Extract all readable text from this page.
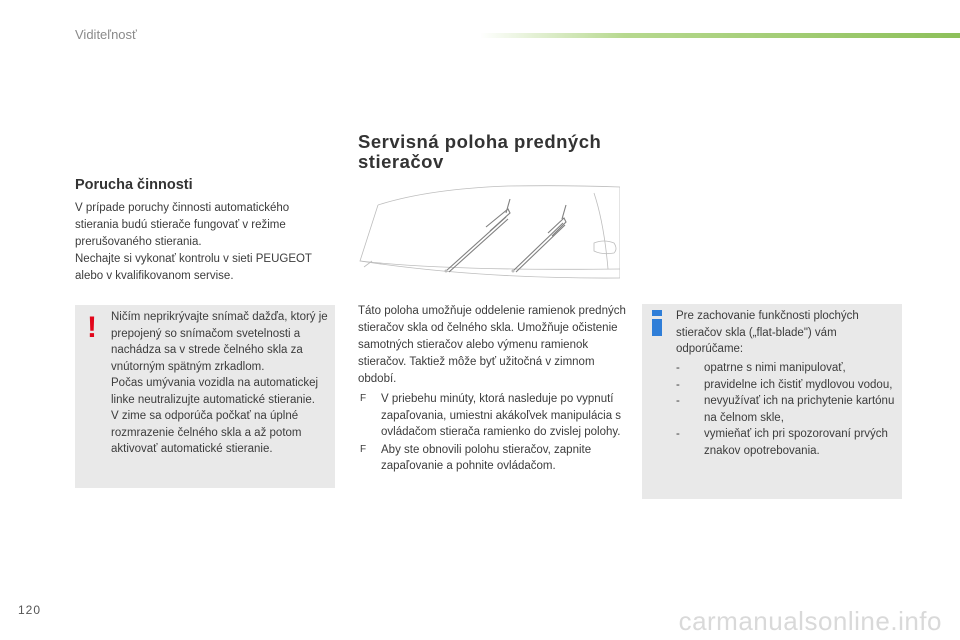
Viditeľnosť
Porucha činnosti

V prípade poruchy činnosti automatického stierania budú stierače fungovať v režime prerušovaného stierania.
Nechajte si vykonať kontrolu v sieti PEUGEOT alebo v kvalifikovanom servise.

! Ničím neprikrývajte snímač dažďa, ktorý je prepojený so snímačom svetelnosti a nachádza sa v strede čelného skla za vnútorným spätným zrkadlom.
Počas umývania vozidla na automatickej linke neutralizujte automatické stieranie.
V zime sa odporúča počkať na úplné rozmrazenie čelného skla a až potom aktivovať automatické stieranie.

Servisná poloha predných stieračov

Táto poloha umožňuje oddelenie ramienok predných stieračov skla od čelného skla. Umožňuje očistenie samotných stieračov alebo výmenu ramienok stieračov. Taktiež môže byť užitočná v zimnom období.

F V priebehu minúty, ktorá nasleduje po vypnutí zapaľovania, umiestni akákoľvek manipulácia s ovládačom stierača ramienko do zvislej polohy.
F Aby ste obnovili polohu stieračov, zapnite zapaľovanie a pohnite ovládačom.

Pre zachovanie funkčnosti plochých stieračov skla („flat-blade") vám odporúčame:

- opatrne s nimi manipulovať,
- pravidelne ich čistiť mydlovou vodou,
- nevyužívať ich na prichytenie kartónu na čelnom skle,
- vymieňať ich pri spozorovaní prvých znakov opotrebovania.
120	carmanualsonline.info
